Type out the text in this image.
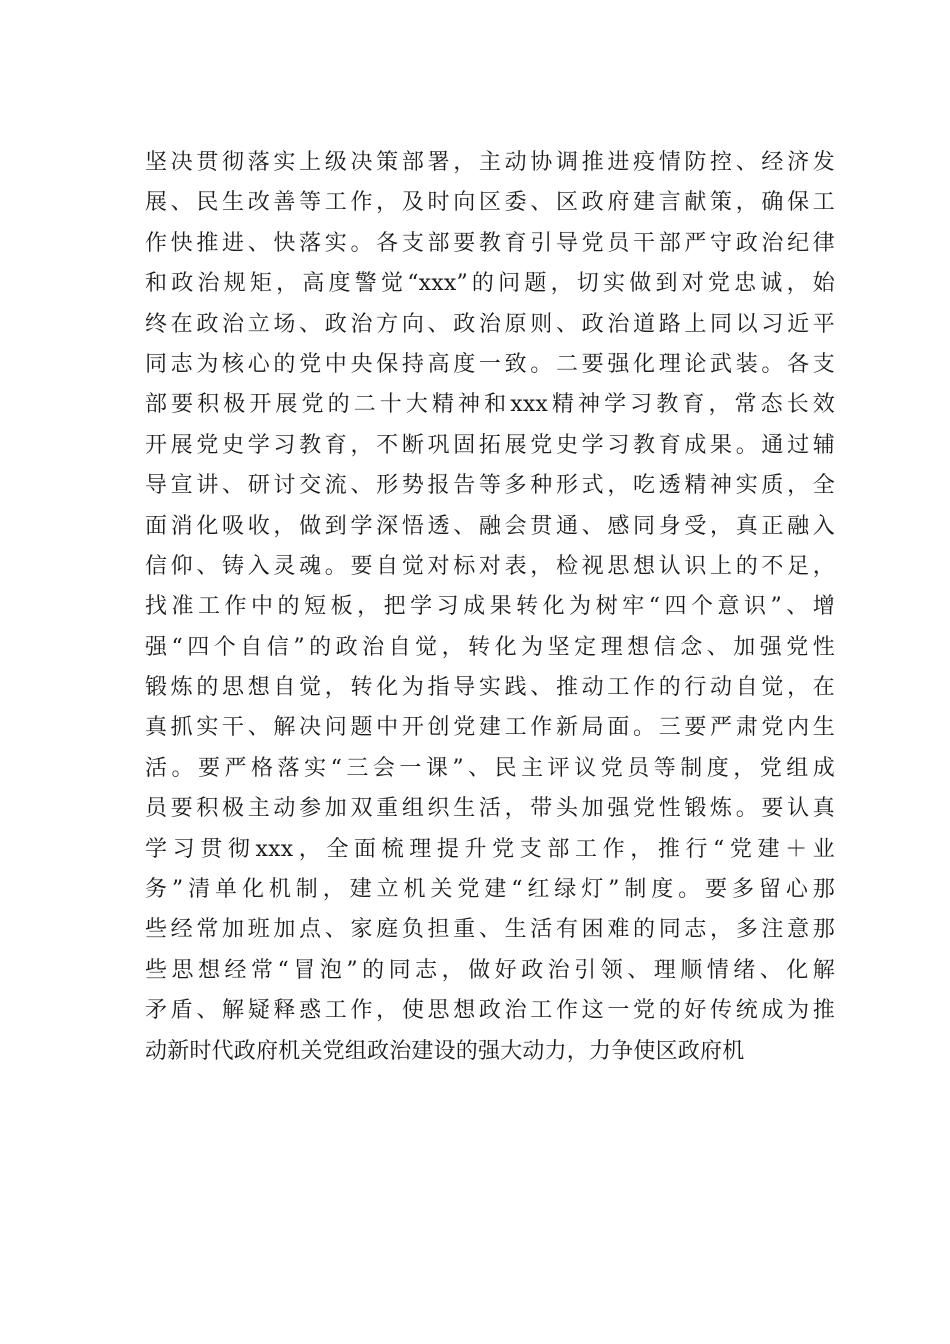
坚决贯彻落实上级决策部署，主动协调推进疫情防控、经济发
展、民生改善等工作，及时向区委、区政府建言献策，确保工
作快推进、快落实。各支部要教育引导党员干部严守政治纪律
和政治规矩，高度警觉“xxx”的问题，切实做到对党忠诚，始
终在政治立场、政治方向、政治原则、政治道路上同以习近平
同志为核心的党中央保持高度一致。二要强化理论武装。各支
部要积极开展党的二十大精神和xxx精神学习教育，常态长效
开展党史学习教育，不断巩固拓展党史学习教育成果。通过辅
导宣讲、研讨交流、形势报告等多种形式，吃透精神实质，全
面消化吸收，做到学深悟透、融会贯通、感同身受，真正融入
信仰、铸入灵魂。要自觉对标对表，检视思想认识上的不足，
找准工作中的短板，把学习成果转化为树牢“四个意识”、增
强“四个自信”的政治自觉，转化为坚定理想信念、加强党性
锻炼的思想自觉，转化为指导实践、推动工作的行动自觉，在
真抓实干、解决问题中开创党建工作新局面。三要严肃党内生
活。要严格落实“三会一课”、民主评议党员等制度，党组成
员要积极主动参加双重组织生活，带头加强党性锻炼。要认真
学习贯彻xxx，全面梳理提升党支部工作，推行“党建＋业
务”清单化机制，建立机关党建“红绿灯”制度。要多留心那
些经常加班加点、家庭负担重、生活有困难的同志，多注意那
些思想经常“冒泡”的同志，做好政治引领、理顺情绪、化解
矛盾、解疑释惑工作，使思想政治工作这一党的好传统成为推
动新时代政府机关党组政治建设的强大动力，力争使区政府机
